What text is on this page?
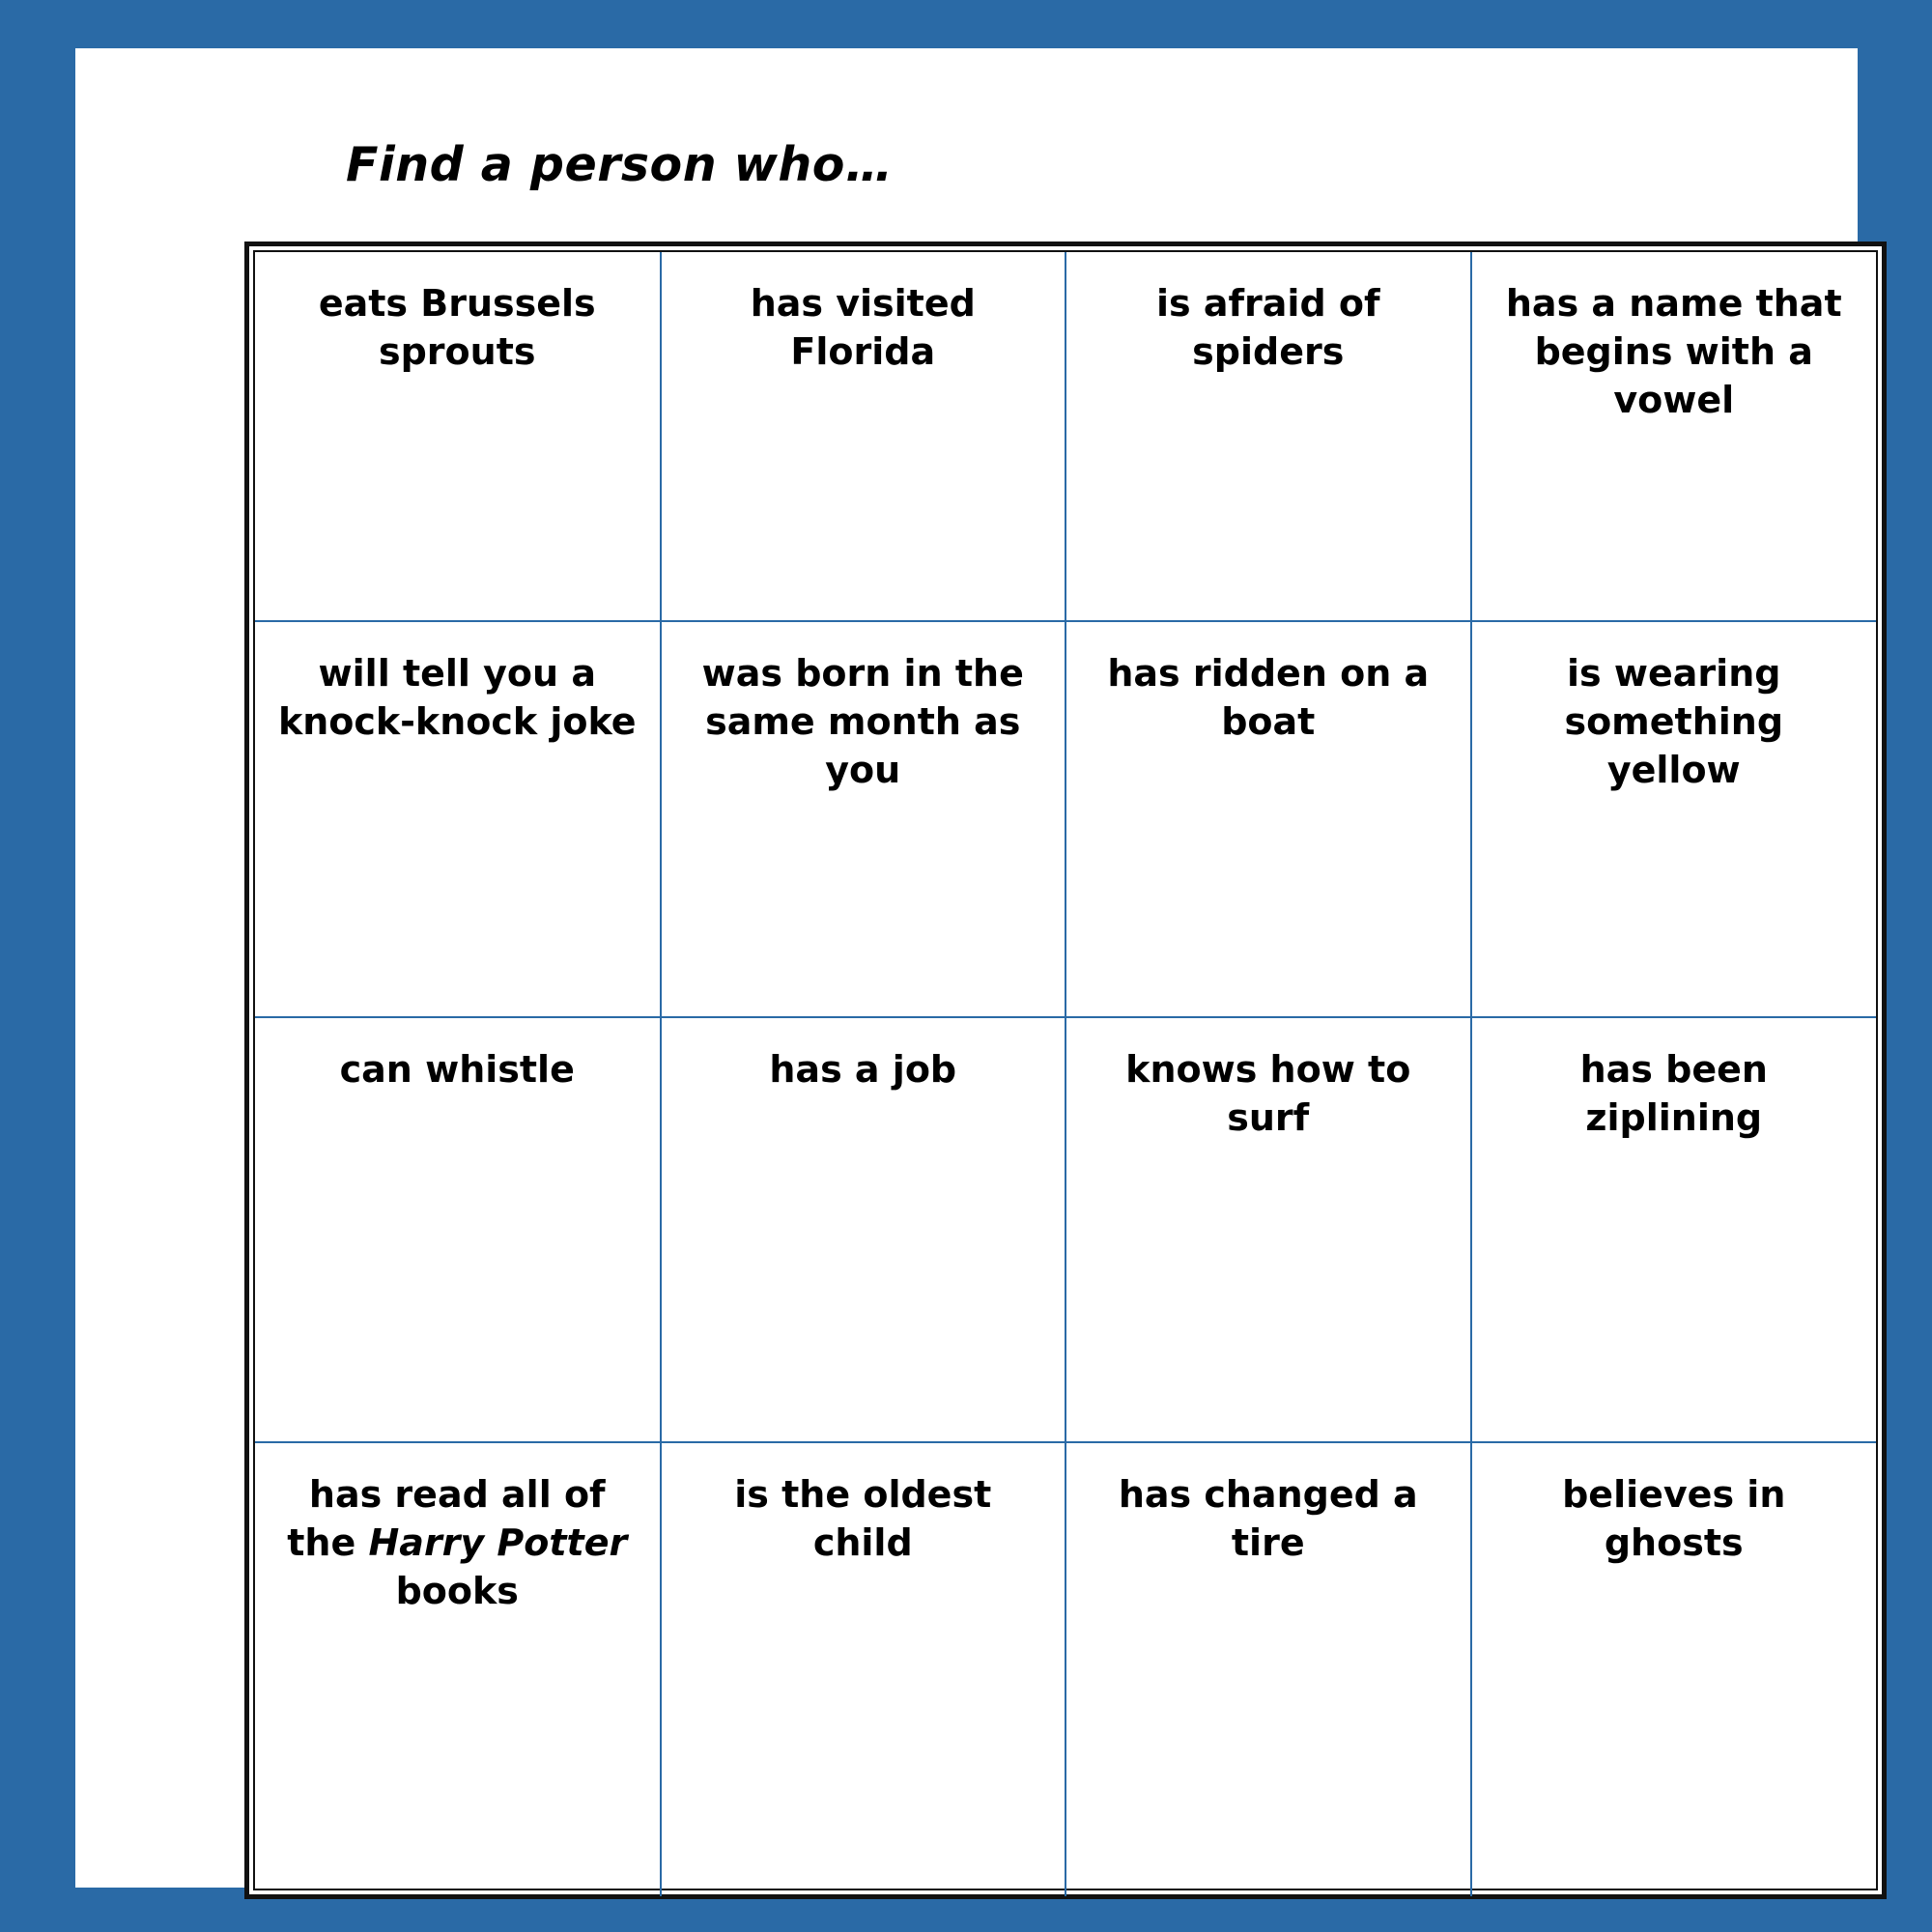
Find a person who…
eats Brussels sprouts	has visited Florida	is afraid of spiders	has a name that begins with a vowel

will tell you a knock-knock joke	was born in the same month as you	has ridden on a boat	is wearing something yellow

can whistle	has a job	knows how to surf	has been ziplining

has read all of the Harry Potter books	is the oldest child	has changed a tire	believes in ghosts
